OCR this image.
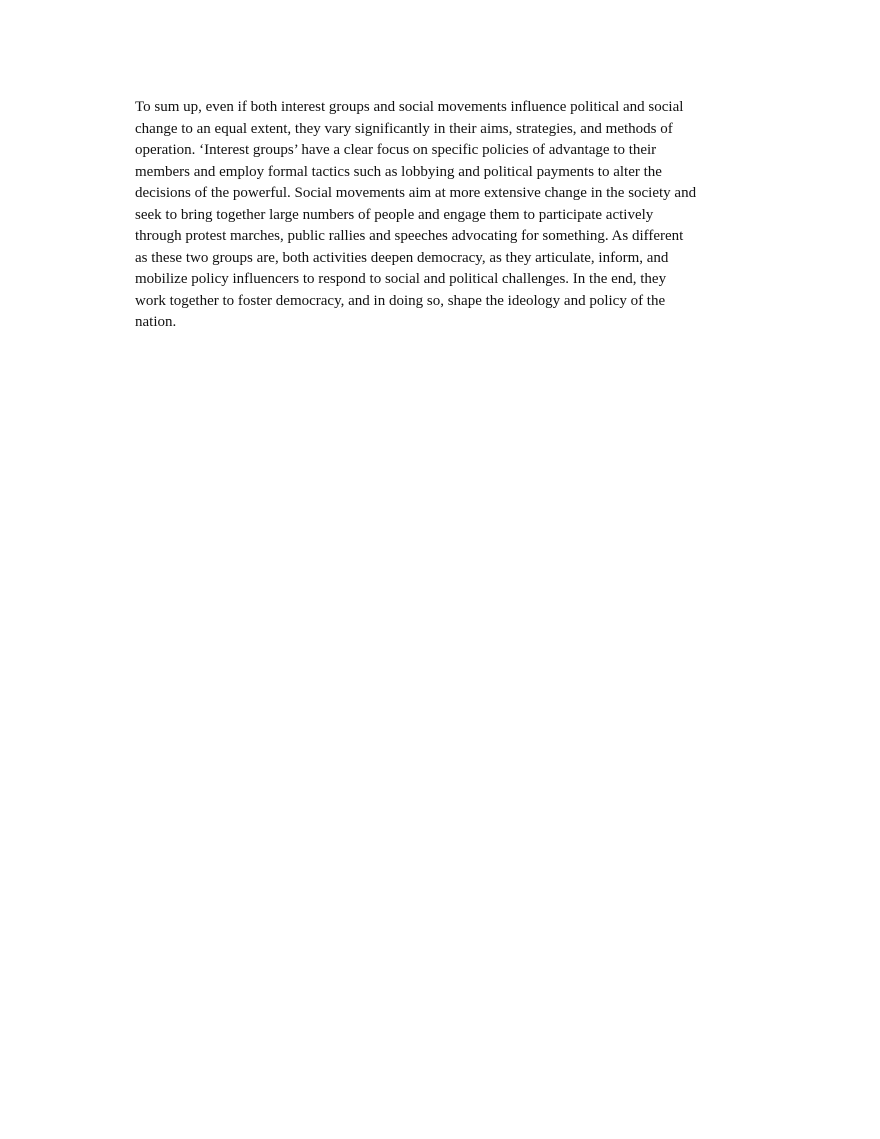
To sum up, even if both interest groups and social movements influence political and social
change to an equal extent, they vary significantly in their aims, strategies, and methods of
operation. ‘Interest groups’ have a clear focus on specific policies of advantage to their
members and employ formal tactics such as lobbying and political payments to alter the
decisions of the powerful. Social movements aim at more extensive change in the society and
seek to bring together large numbers of people and engage them to participate actively
through protest marches, public rallies and speeches advocating for something. As different
as these two groups are, both activities deepen democracy, as they articulate, inform, and
mobilize policy influencers to respond to social and political challenges. In the end, they
work together to foster democracy, and in doing so, shape the ideology and policy of the
nation.
